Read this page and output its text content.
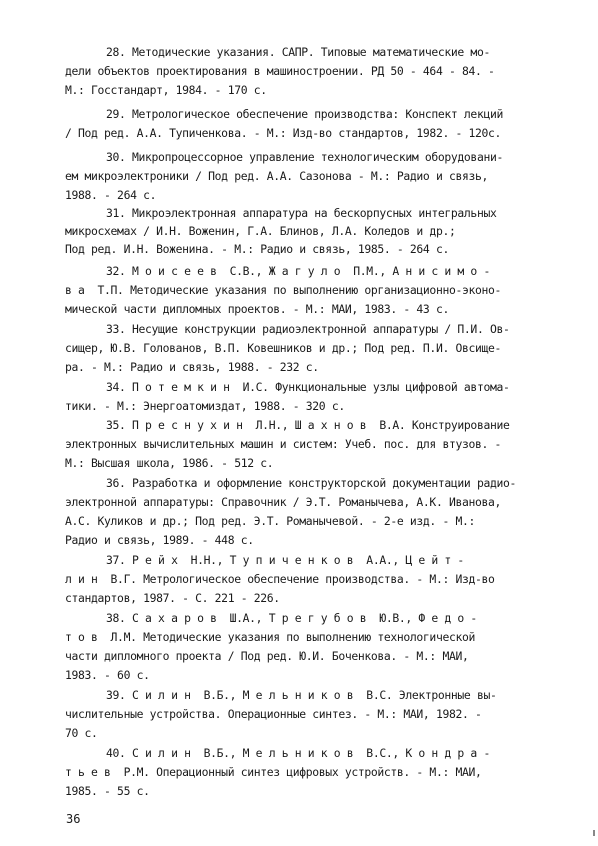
28. Методические указания. САПР. Типовые математические мо-

дели объектов проектирования в машиностроении. РД 50 - 464 - 84. -

М.: Госстандарт, 1984. - 170 с.

29. Метрологическое обеспечение производства: Конспект лекций

/ Под ред. А.А. Тупиченкова. - М.: Изд-во стандартов, 1982. - 120с.

30. Микропроцессорное управление технологическим оборудовани-

ем микроэлектроники / Под ред. А.А. Сазонова - М.: Радио и связь,

1988. - 264 с.

31. Микроэлектронная аппаратура на бескорпусных интегральных

микросхемах / И.Н. Воженин, Г.А. Блинов, Л.А. Коледов и др.;

Под ред. И.Н. Воженина. - М.: Радио и связь, 1985. - 264 с.

32. М о и с е е в  С.В., Ж а г у л о  П.М., А н и с и м о -

в а  Т.П. Методические указания по выполнению организационно-эконо-

мической части дипломных проектов. - М.: МАИ, 1983. - 43 с.

33. Несущие конструкции радиоэлектронной аппаратуры / П.И. Ов-

сищер, Ю.В. Голованов, В.П. Ковешников и др.; Под ред. П.И. Овсище-

ра. - М.: Радио и связь, 1988. - 232 с.

34. П о т е м к и н  И.С. Функциональные узлы цифровой автома-

тики. - М.: Энергоатомиздат, 1988. - 320 с.

35. П р е с н у х и н  Л.Н., Ш а х н о в  В.А. Конструирование

электронных вычислительных машин и систем: Учеб. пос. для втузов. -

М.: Высшая школа, 1986. - 512 с.

36. Разработка и оформление конструкторской документации радио-

электронной аппаратуры: Справочник / Э.Т. Романычева, А.К. Иванова,

А.С. Куликов и др.; Под ред. Э.Т. Романычевой. - 2-е изд. - М.:

Радио и связь, 1989. - 448 с.

37. Р е й х  Н.Н., Т у п и ч е н к о в  А.А., Ц е й т -

л и н  В.Г. Метрологическое обеспечение производства. - М.: Изд-во

стандартов, 1987. - С. 221 - 226.

38. С а х а р о в  Ш.А., Т р е г у б о в  Ю.В., Ф е д о -

т о в  Л.М. Методические указания по выполнению технологической

части дипломного проекта / Под ред. Ю.И. Боченкова. - М.: МАИ,

1983. - 60 с.

39. С и л и н  В.Б., М е л ь н и к о в  В.С. Электронные вы-

числительные устройства. Операционные синтез. - М.: МАИ, 1982. -

70 с.

40. С и л и н  В.Б., М е л ь н и к о в  В.С., К о н д р а -

т ь е в  Р.М. Операционный синтез цифровых устройств. - М.: МАИ,

1985. - 55 с.

36
